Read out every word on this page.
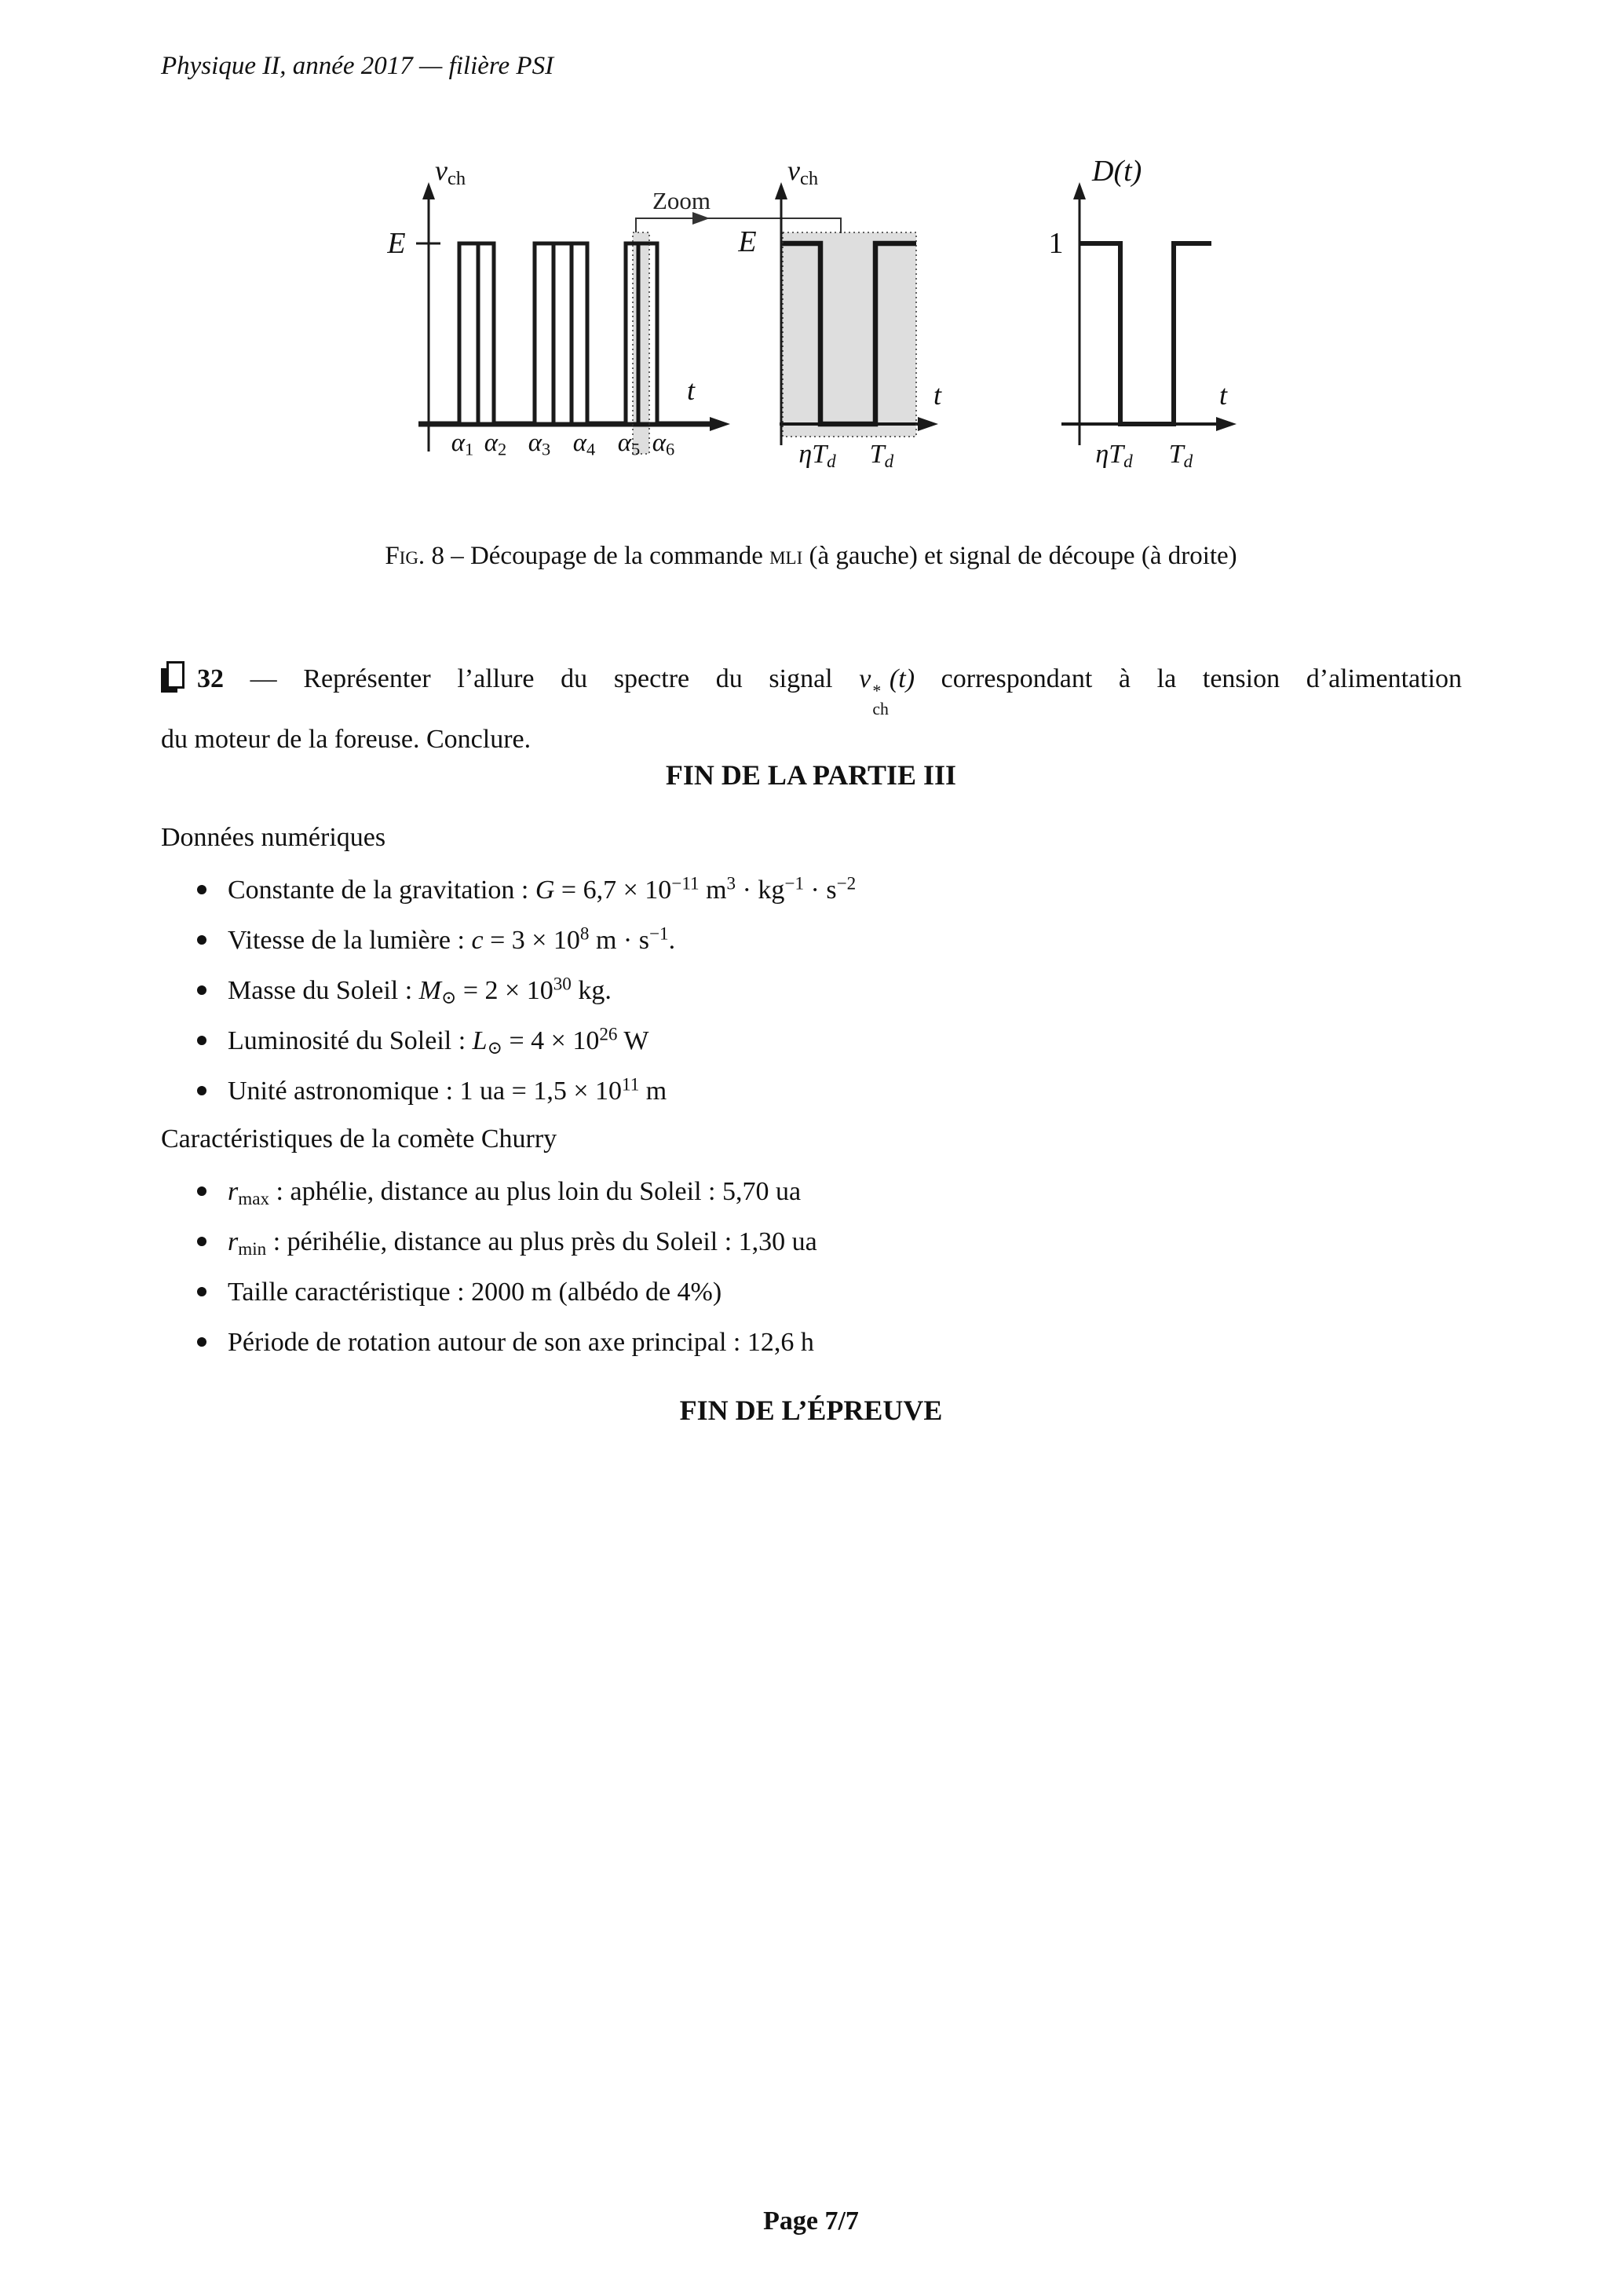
Physique II, année 2017 — filière PSI
$v_{ch}$
E
t
Zoom
$\alpha_1$ $\alpha_2$ $\alpha_3$ $\alpha_4$ $\alpha_5$ $\alpha_6$
$v_{ch}$
E
t
$\eta T_d$ $T_d$
D(t)
1
t
$\eta T_d$ $T_d$
Fig. 8 – Découpage de la commande mli (à gauche) et signal de découpe (à droite)
32 — Représenter l’allure du spectre du signal v *
ch
(t) correspondant à la tension d’alimentation
du moteur de la foreuse. Conclure.
FIN DE LA PARTIE III
Données numériques
Constante de la gravitation : $G = 6,7 \times 10^{-11}$ $m^3 \cdot kg^{-1} \cdot s^{-2}$
Vitesse de la lumière : $c = 3 \times 10^8$ $m \cdot s^{-1}$.
Masse du Soleil : $M_⊙ = 2 \times 10^{30}$ kg.
Luminosité du Soleil : $L_⊙ = 4 \times 10^{26}$ W
Unité astronomique : 1 ua = $1,5 \times 10^{11}$ m
Caractéristiques de la comète Churry
$r_{max}$ : aphélie, distance au plus loin du Soleil : 5,70 ua
$r_{min}$ : périhélie, distance au plus près du Soleil : 1,30 ua
Taille caractéristique : 2000 m (albédo de 4%)
Période de rotation autour de son axe principal : 12,6 h
FIN DE L’ÉPREUVE
Page 7/7
